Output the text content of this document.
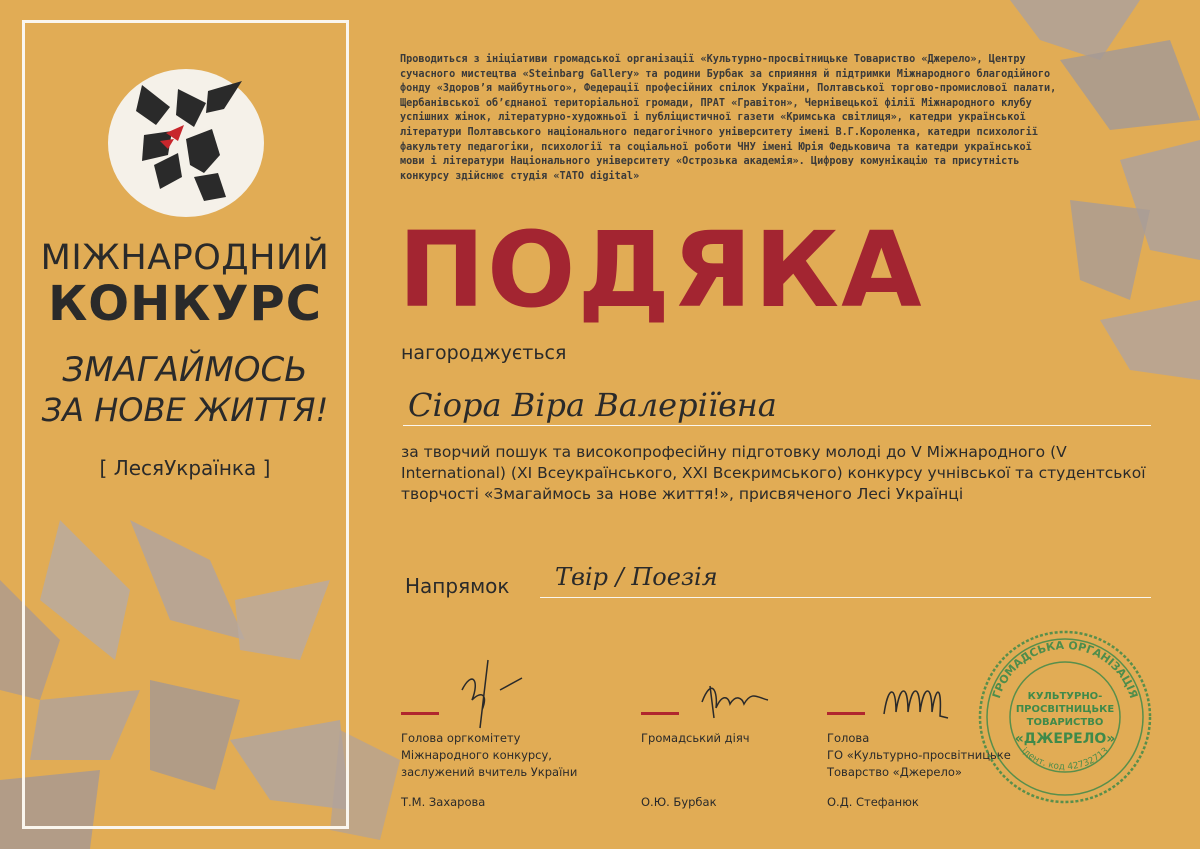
МІЖНАРОДНИЙ
КОНКУРС
ЗМАГАЙМОСЬ
ЗА НОВЕ ЖИТТЯ!
[ ЛесяУкраїнка ]

Проводиться з ініціативи громадської організації «Культурно-просвітницьке Товариство «Джерело», Центру
сучасного мистецтва «Steinbarg Gallery» та родини Бурбак за сприяння й підтримки Міжнародного благодійного
фонду «Здоров’я майбутнього», Федерації професійних спілок України, Полтавської торгово-промислової палати,
Щербанівської об’єднаної територіальної громади, ПРАТ «Гравітон», Чернівецької філії Міжнародного клубу
успішних жінок, літературно-художньої і публіцистичної газети «Кримська світлиця», катедри української
літератури Полтавського національного педагогічного університету імені В.Г.Короленка, катедри психології
факультету педагогіки, психології та соціальної роботи ЧНУ імені Юрія Федьковича та катедри української
мови і літератури Національного університету «Острозька академія». Цифрову комунікацію та присутність
конкурсу здійснює студія «TATO digital»

ПОДЯКА
нагороджується
Сіора Віра Валеріївна

за творчий пошук та високопрофесійну підготовку молоді до V Міжнародного (V International) (XI Всеукраїнського, XXI Всекримського) конкурсу учнівської та студентської творчості «Змагаймось за нове життя!», присвяченого Лесі Українці

Напрямок Твір / Поезія

Голова оргкомітету
Міжнародного конкурсу,
заслужений вчитель України

Т.М. Захарова

Громадський діяч

О.Ю. Бурбак

Голова
ГО «Культурно-просвітницьке
Товарство «Джерело»

О.Д. Стефанюк
ГРОМАДСЬКА ОРГАНІЗАЦІЯ
ідент. код 42732713
КУЛЬТУРНО-
ПРОСВІТНИЦЬКЕ
ТОВАРИСТВО
«ДЖЕРЕЛО»
